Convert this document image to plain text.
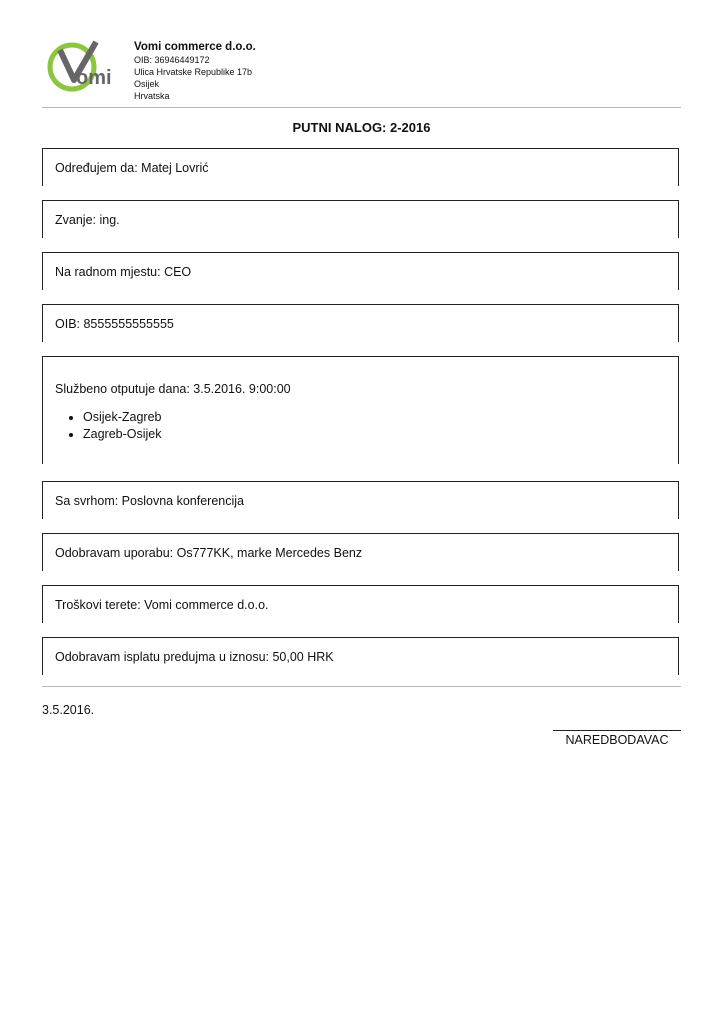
omi
Vomi commerce d.o.o.
OIB: 36946449172
Ulica Hrvatske Republike 17b
Osijek
Hrvatska
PUTNI NALOG: 2-2016
Određujem da: Matej Lovrić
Zvanje: ing.
Na radnom mjestu: CEO
OIB: 8555555555555
Službeno otputuje dana: 3.5.2016. 9:00:00
• Osijek-Zagreb
• Zagreb-Osijek
Sa svrhom: Poslovna konferencija
Odobravam uporabu: Os777KK, marke Mercedes Benz
Troškovi terete: Vomi commerce d.o.o.
Odobravam isplatu predujma u iznosu: 50,00 HRK
3.5.2016.
NAREDBODAVAC
